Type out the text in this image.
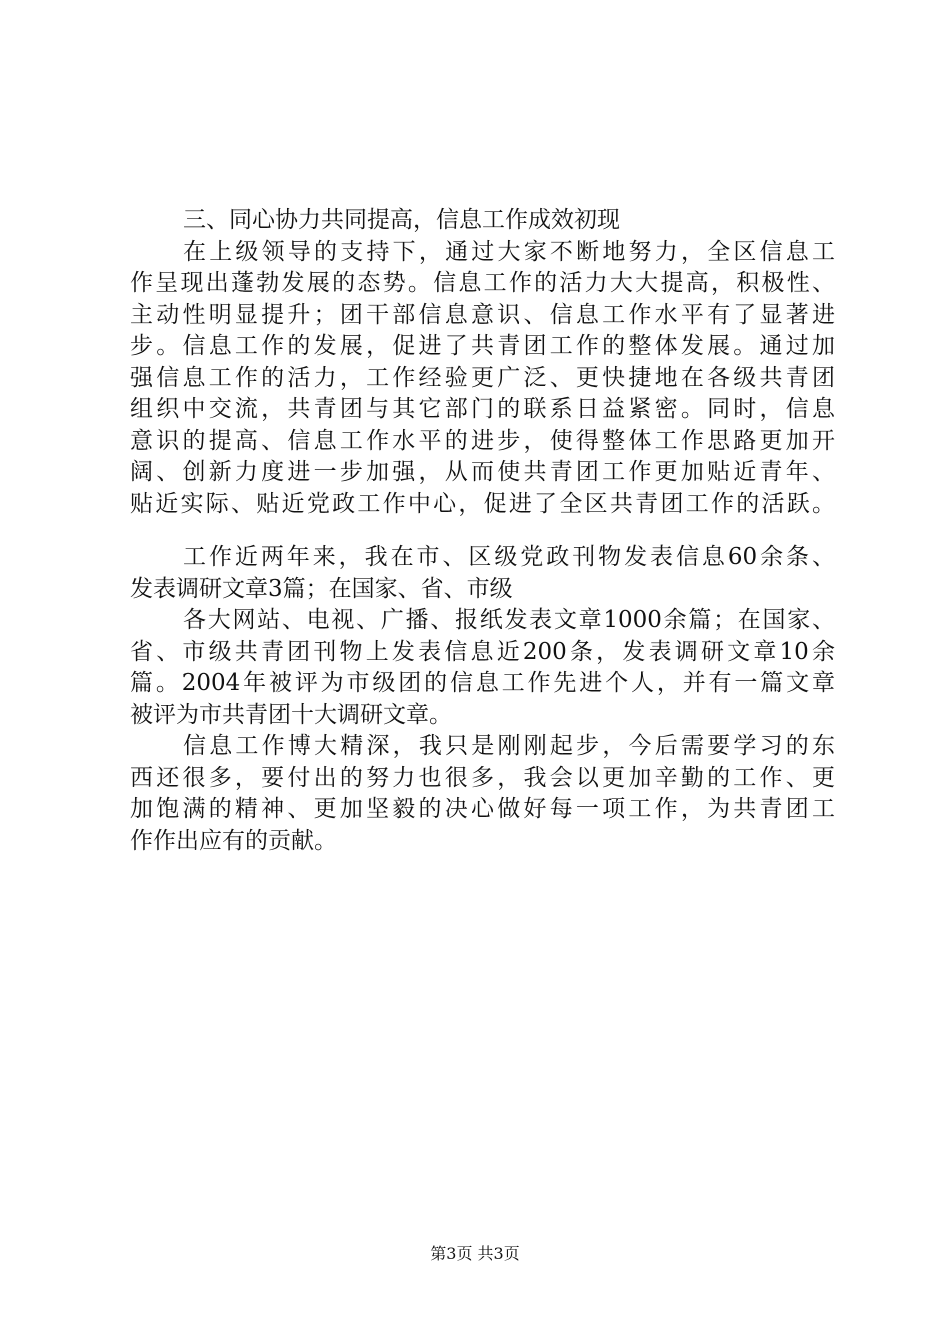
三、同心协力共同提高，信息工作成效初现
在上级领导的支持下，通过大家不断地努力，全区信息工
作呈现出蓬勃发展的态势。信息工作的活力大大提高，积极性、
主动性明显提升；团干部信息意识、信息工作水平有了显著进
步。信息工作的发展，促进了共青团工作的整体发展。通过加
强信息工作的活力，工作经验更广泛、更快捷地在各级共青团
组织中交流，共青团与其它部门的联系日益紧密。同时，信息
意识的提高、信息工作水平的进步，使得整体工作思路更加开
阔、创新力度进一步加强，从而使共青团工作更加贴近青年、
贴近实际、贴近党政工作中心，促进了全区共青团工作的活跃。
工作近两年来，我在市、区级党政刊物发表信息60余条、
发表调研文章3篇；在国家、省、市级
各大网站、电视、广播、报纸发表文章1000余篇；在国家、
省、市级共青团刊物上发表信息近200条，发表调研文章10余
篇。2004年被评为市级团的信息工作先进个人，并有一篇文章
被评为市共青团十大调研文章。
信息工作博大精深，我只是刚刚起步，今后需要学习的东
西还很多，要付出的努力也很多，我会以更加辛勤的工作、更
加饱满的精神、更加坚毅的决心做好每一项工作，为共青团工
作作出应有的贡献。
第3页 共3页
